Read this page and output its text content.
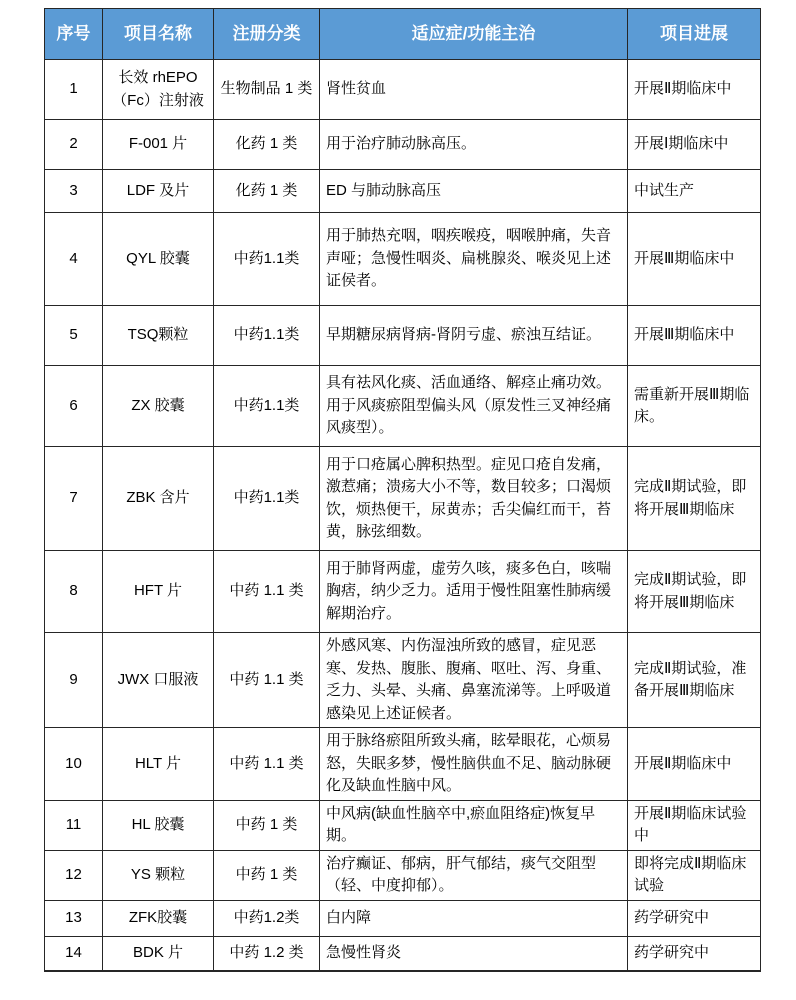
序号	项目名称	注册分类	适应症/功能主治	项目进展
1	长效 rhEPO（Fc）注射液	生物制品 1 类	肾性贫血	开展Ⅱ期临床中
2	F-001 片	化药 1 类	用于治疗肺动脉高压。	开展Ⅰ期临床中
3	LDF 及片	化药 1 类	ED 与肺动脉高压	中试生产
4	QYL 胶囊	中药1.1类	用于肺热充咽，咽疾喉疫，咽喉肿痛，失音声哑；急慢性咽炎、扁桃腺炎、喉炎见上述证侯者。	开展Ⅲ期临床中
5	TSQ颗粒	中药1.1类	早期糖尿病肾病-肾阴亏虚、瘀浊互结证。	开展Ⅲ期临床中
6	ZX 胶囊	中药1.1类	具有祛风化痰、活血通络、解痉止痛功效。用于风痰瘀阻型偏头风（原发性三叉神经痛风痰型）。	需重新开展Ⅲ期临床。
7	ZBK 含片	中药1.1类	用于口疮属心脾积热型。症见口疮自发痛，激惹痛；溃疡大小不等，数目较多；口渴烦饮，烦热便干，尿黄赤；舌尖偏红而干，苔黄，脉弦细数。	完成Ⅱ期试验，即将开展Ⅲ期临床
8	HFT 片	中药 1.1 类	用于肺肾两虚，虚劳久咳，痰多色白，咳喘胸痞，纳少乏力。适用于慢性阻塞性肺病缓解期治疗。	完成Ⅱ期试验，即将开展Ⅲ期临床
9	JWX 口服液	中药 1.1 类	外感风寒、内伤湿浊所致的感冒，症见恶寒、发热、腹胀、腹痛、呕吐、泻、身重、乏力、头晕、头痛、鼻塞流涕等。上呼吸道感染见上述证候者。	完成Ⅱ期试验，准备开展Ⅲ期临床
10	HLT 片	中药 1.1 类	用于脉络瘀阻所致头痛，眩晕眼花，心烦易怒，失眠多梦，慢性脑供血不足、脑动脉硬化及缺血性脑中风。	开展Ⅱ期临床中
11	HL 胶囊	中药 1 类	中风病(缺血性脑卒中,瘀血阻络症)恢复早期。	开展Ⅱ期临床试验中
12	YS 颗粒	中药 1 类	治疗癫证、郁病，肝气郁结，痰气交阻型（轻、中度抑郁）。	即将完成Ⅱ期临床试验
13	ZFK胶囊	中药1.2类	白内障	药学研究中
14	BDK 片	中药 1.2 类	急慢性肾炎	药学研究中
